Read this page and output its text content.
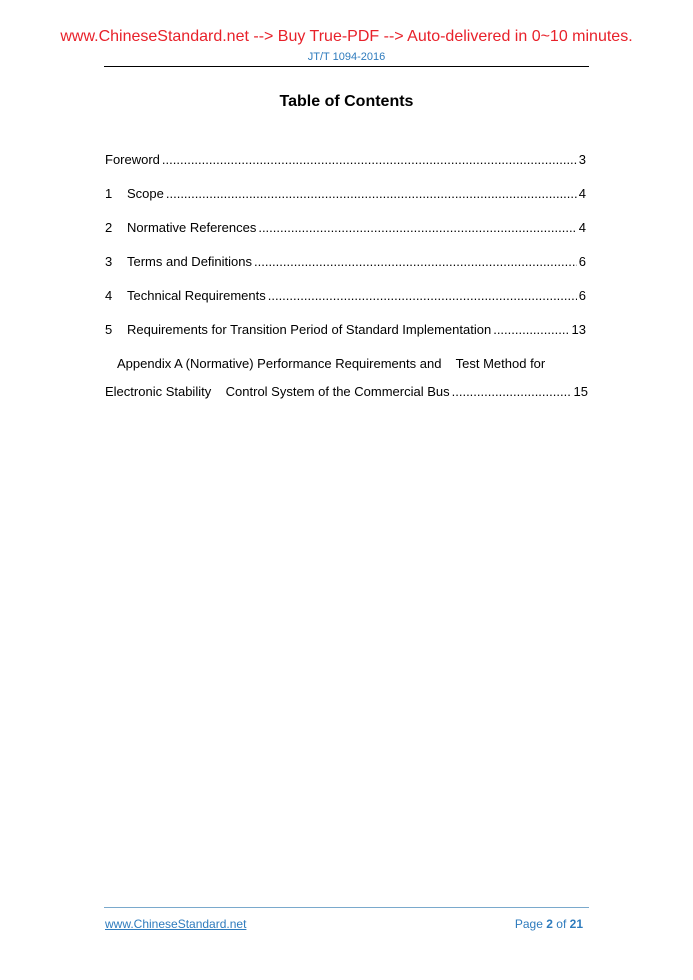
www.ChineseStandard.net --> Buy True-PDF --> Auto-delivered in 0~10 minutes.
JT/T 1094-2016
Table of Contents
Foreword .....	3
1	Scope .....	4
2	Normative References .....	4
3	Terms and Definitions .....	6
4	Technical Requirements .....	6
5	Requirements for Transition Period of Standard Implementation .....	13
Appendix A (Normative) Performance Requirements and    Test Method for
Electronic Stability    Control System of the Commercial Bus .....	15
www.ChineseStandard.net	Page 2 of 21
